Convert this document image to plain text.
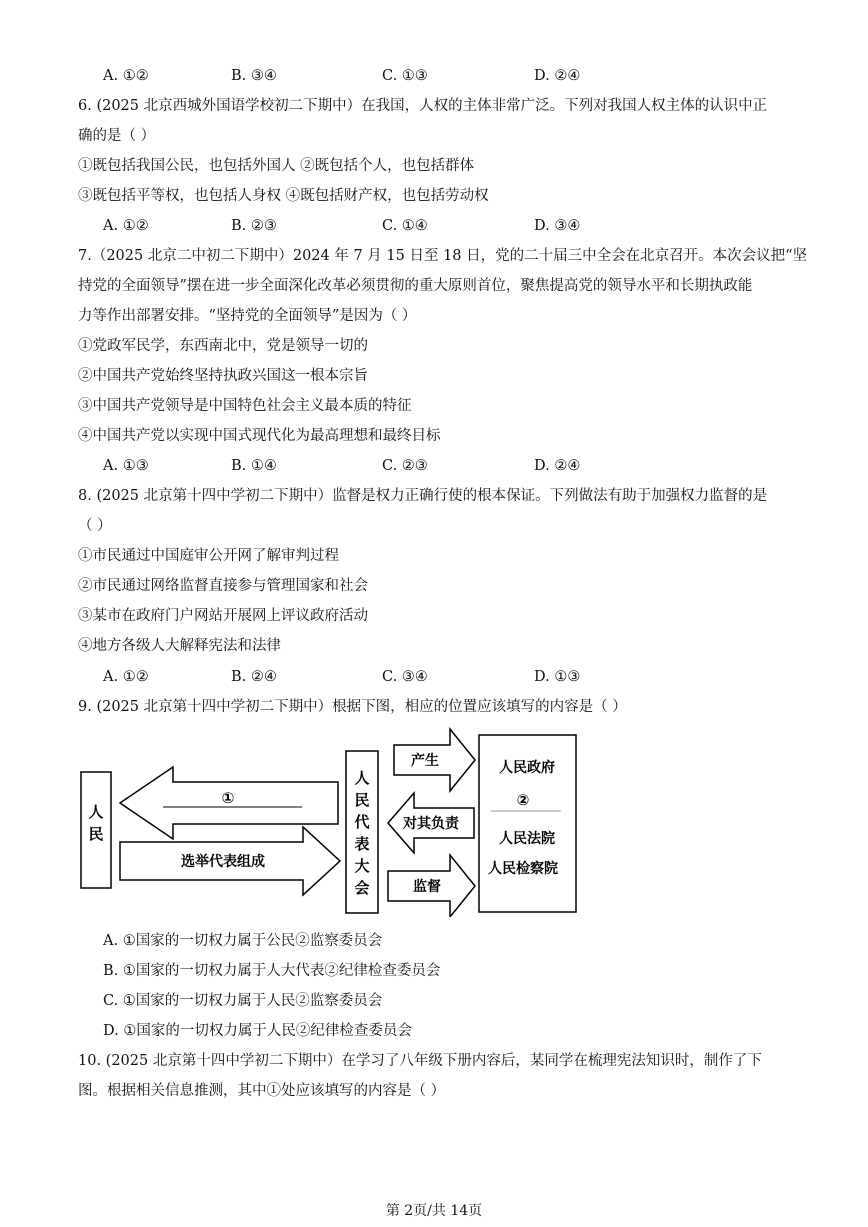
A. ①②	B. ③④	C. ①③	D. ②④
6. (2025 北京西城外国语学校初二下期中）在我国，人权的主体非常广泛。下列对我国人权主体的认识中正
确的是（ ）
①既包括我国公民，也包括外国人 ②既包括个人，也包括群体
③既包括平等权，也包括人身权 ④既包括财产权，也包括劳动权
A. ①②	B. ②③	C. ①④	D. ③④
7.（2025 北京二中初二下期中）2024 年 7 月 15 日至 18 日，党的二十届三中全会在北京召开。本次会议把“坚
持党的全面领导”摆在进一步全面深化改革必须贯彻的重大原则首位，聚焦提高党的领导水平和长期执政能
力等作出部署安排。“坚持党的全面领导”是因为（ ）
①党政军民学，东西南北中，党是领导一切的
②中国共产党始终坚持执政兴国这一根本宗旨
③中国共产党领导是中国特色社会主义最本质的特征
④中国共产党以实现中国式现代化为最高理想和最终目标
A. ①③	B. ①④	C. ②③	D. ②④
8. (2025 北京第十四中学初二下期中）监督是权力正确行使的根本保证。下列做法有助于加强权力监督的是
（ ）
①市民通过中国庭审公开网了解审判过程
②市民通过网络监督直接参与管理国家和社会
③某市在政府门户网站开展网上评议政府活动
④地方各级人大解释宪法和法律
A. ①②	B. ②④	C. ③④	D. ①③
9. (2025 北京第十四中学初二下期中）根据下图，相应的位置应该填写的内容是（ ）
人
民
①
选举代表组成
人
民
代
表
大
会
产生
对其负责
监督
人民政府
②
人民法院
人民检察院
A. ①国家的一切权力属于公民②监察委员会
B. ①国家的一切权力属于人大代表②纪律检查委员会
C. ①国家的一切权力属于人民②监察委员会
D. ①国家的一切权力属于人民②纪律检查委员会
10. (2025 北京第十四中学初二下期中）在学习了八年级下册内容后，某同学在梳理宪法知识时，制作了下
图。根据相关信息推测，其中①处应该填写的内容是（ ）
第 2页/共 14页
